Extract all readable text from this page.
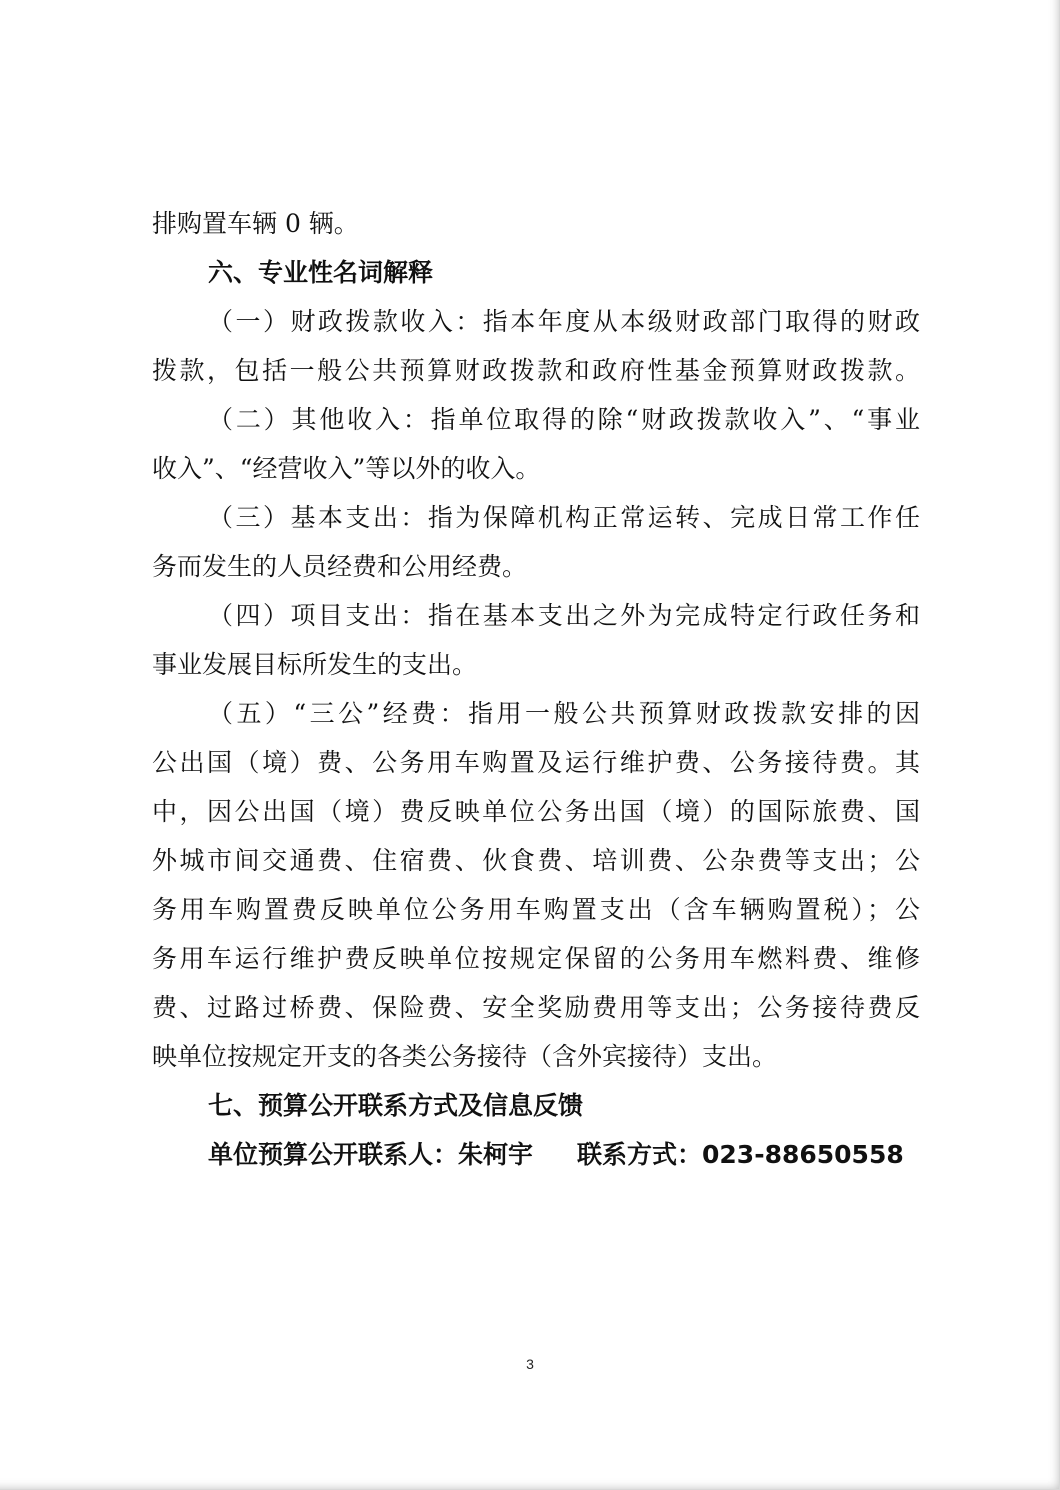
排购置车辆 0 辆。
六、专业性名词解释
（一）财政拨款收入：指本年度从本级财政部门取得的财政
拨款，包括一般公共预算财政拨款和政府性基金预算财政拨款。
（二）其他收入：指单位取得的除“财政拨款收入”、“事业
收入”、“经营收入”等以外的收入。
（三）基本支出：指为保障机构正常运转、完成日常工作任
务而发生的人员经费和公用经费。
（四）项目支出：指在基本支出之外为完成特定行政任务和
事业发展目标所发生的支出。
（五）“三公”经费：指用一般公共预算财政拨款安排的因
公出国（境）费、公务用车购置及运行维护费、公务接待费。其
中，因公出国（境）费反映单位公务出国（境）的国际旅费、国
外城市间交通费、住宿费、伙食费、培训费、公杂费等支出；公
务用车购置费反映单位公务用车购置支出（含车辆购置税）；公
务用车运行维护费反映单位按规定保留的公务用车燃料费、维修
费、过路过桥费、保险费、安全奖励费用等支出；公务接待费反
映单位按规定开支的各类公务接待（含外宾接待）支出。
七、预算公开联系方式及信息反馈
单位预算公开联系人：朱柯宇 联系方式：023-88650558
3
